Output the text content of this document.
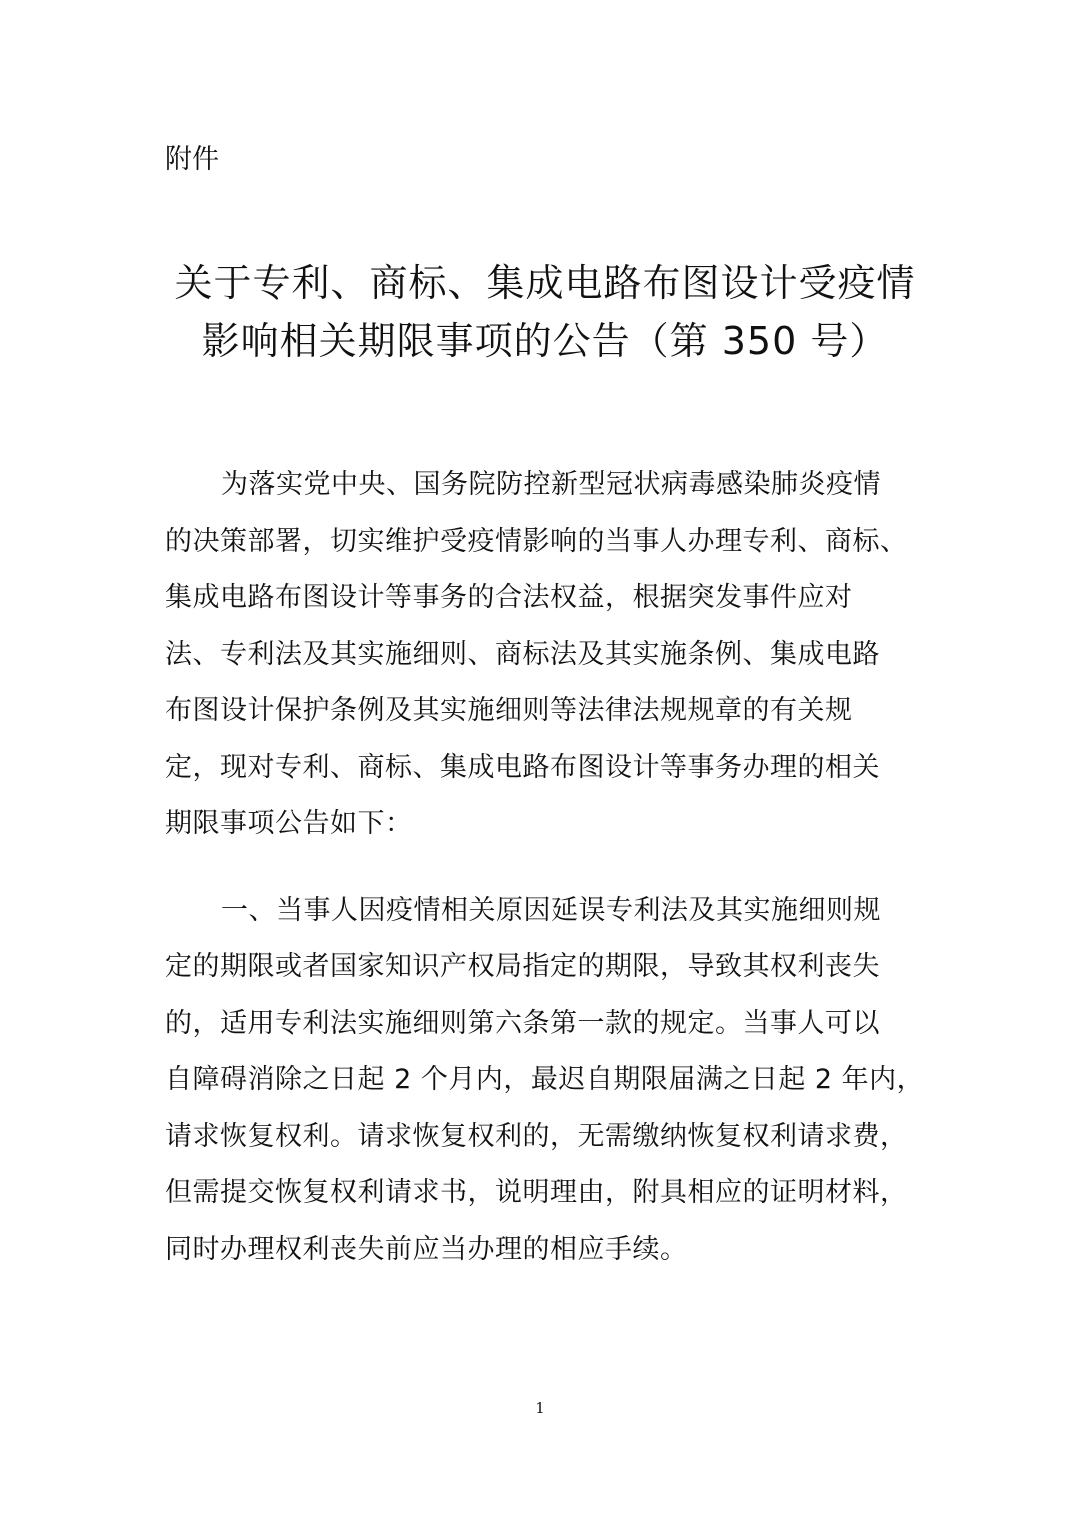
附件

关于专利、商标、集成电路布图设计受疫情
影响相关期限事项的公告（第 350 号）

为落实党中央、国务院防控新型冠状病毒感染肺炎疫情

的决策部署，切实维护受疫情影响的当事人办理专利、商标、

集成电路布图设计等事务的合法权益，根据突发事件应对

法、专利法及其实施细则、商标法及其实施条例、集成电路

布图设计保护条例及其实施细则等法律法规规章的有关规

定，现对专利、商标、集成电路布图设计等事务办理的相关

期限事项公告如下：

一、当事人因疫情相关原因延误专利法及其实施细则规

定的期限或者国家知识产权局指定的期限，导致其权利丧失

的，适用专利法实施细则第六条第一款的规定。当事人可以

自障碍消除之日起 2 个月内，最迟自期限届满之日起 2 年内，

请求恢复权利。请求恢复权利的，无需缴纳恢复权利请求费，

但需提交恢复权利请求书，说明理由，附具相应的证明材料，

同时办理权利丧失前应当办理的相应手续。

1
